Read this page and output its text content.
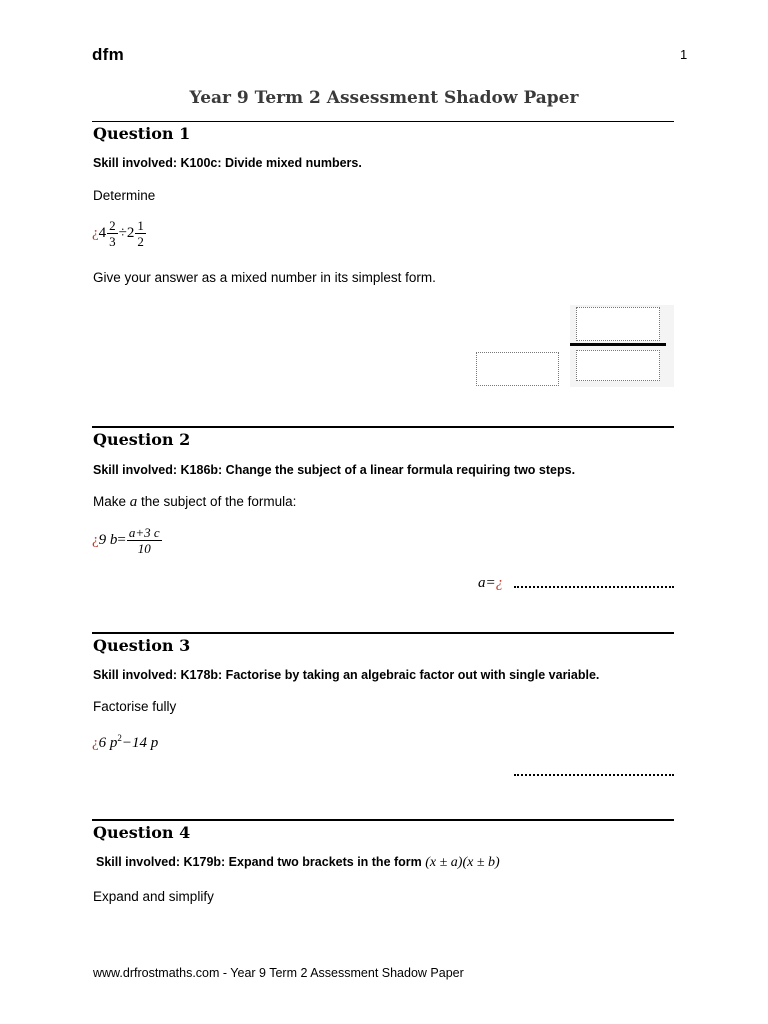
dfm	1
Year 9 Term 2 Assessment Shadow Paper
Question 1
Skill involved: K100c: Divide mixed numbers.
Determine
¿$4 \frac{2}{3} \div 2 \frac{1}{2}$
Give your answer as a mixed number in its simplest form.
Question 2
Skill involved: K186b: Change the subject of a linear formula requiring two steps.
Make a the subject of the formula:
¿9 $b= \frac{a+3 c}{10}$
a=¿
Question 3
Skill involved: K178b: Factorise by taking an algebraic factor out with single variable.
Factorise fully
¿6 $p^2-14$ p
Question 4
Skill involved: K179b: Expand two brackets in the form (x ± a)(x ± b)
Expand and simplify
www.drfrostmaths.com - Year 9 Term 2 Assessment Shadow Paper
